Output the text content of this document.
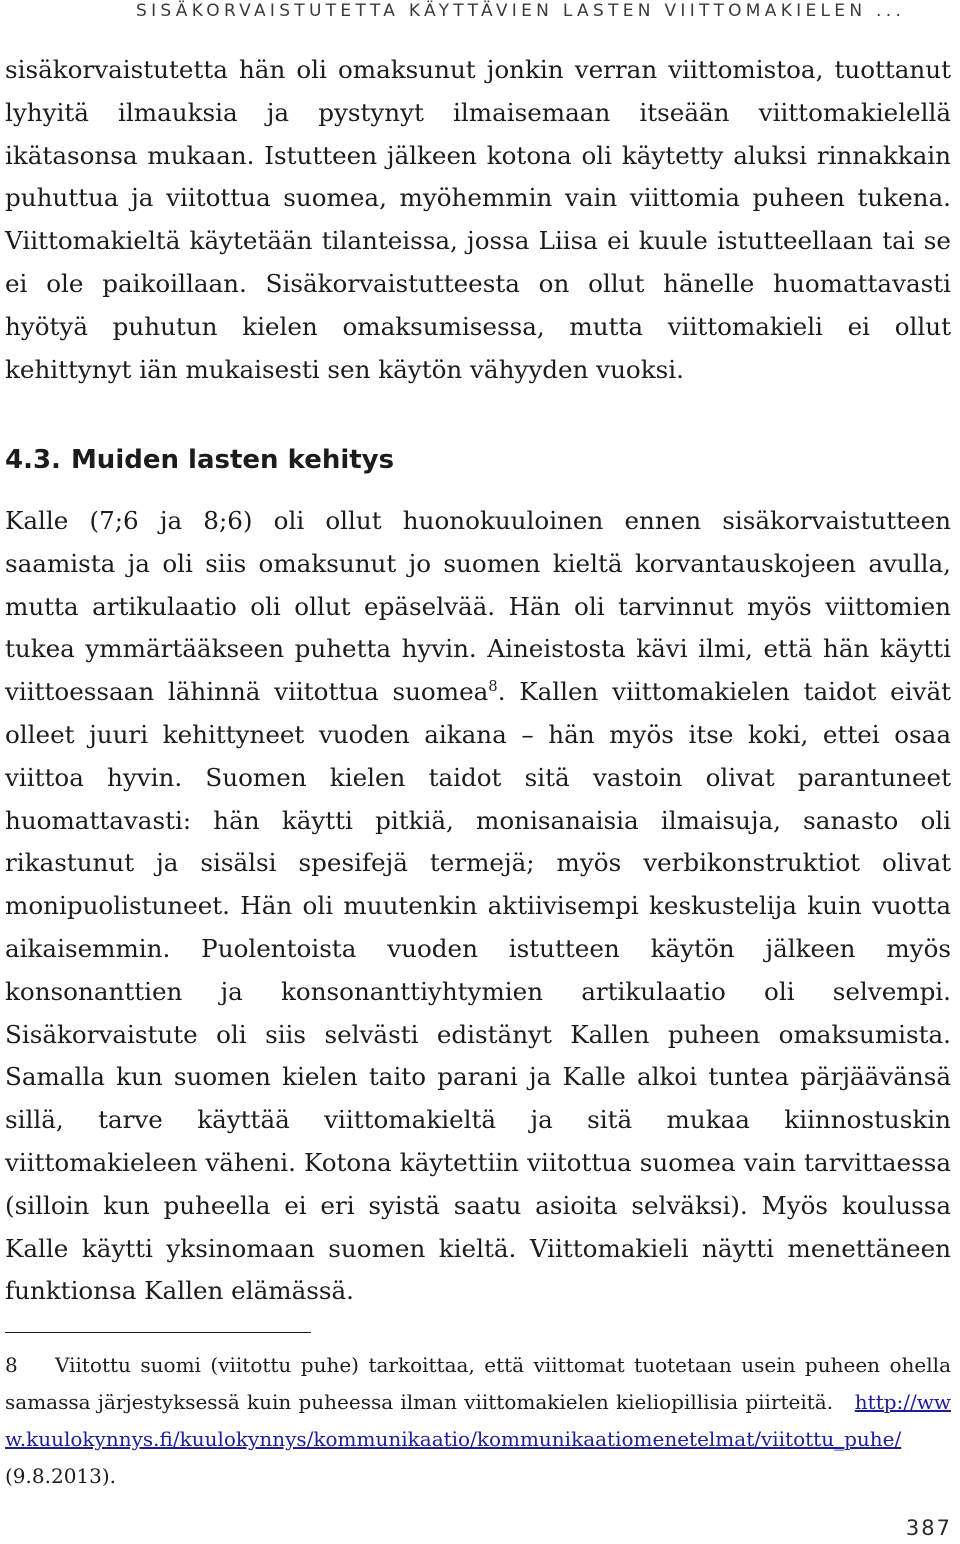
SISÄKORVAISTUTETTA KÄYTTÄVIEN LASTEN VIITTOMAKIELEN ...

sisäkorvaistutetta hän oli omaksunut jonkin verran viittomistoa, tuottanut lyhyitä ilmauksia ja pystynyt ilmaisemaan itseään viittomakielellä ikätasonsa mukaan. Istutteen jälkeen kotona oli käytetty aluksi rinnakkain puhuttua ja viitottua suomea, myöhemmin vain viittomia puheen tukena. Viittomakieltä käytetään tilanteissa, jossa Liisa ei kuule istutteellaan tai se ei ole paikoillaan. Sisäkorvaistutteesta on ollut hänelle huomattavasti hyötyä puhutun kielen omaksumisessa, mutta viittomakieli ei ollut kehittynyt iän mukaisesti sen käytön vähyyden vuoksi.

4.3. Muiden lasten kehitys

Kalle (7;6 ja 8;6) oli ollut huonokuuloinen ennen sisäkorvaistutteen saamista ja oli siis omaksunut jo suomen kieltä korvantauskojeen avulla, mutta artikulaatio oli ollut epäselvää. Hän oli tarvinnut myös viittomien tukea ymmärtääkseen puhetta hyvin. Aineistosta kävi ilmi, että hän käytti viittoessaan lähinnä viitottua suomea$^8$. Kallen viittomakielen taidot eivät olleet juuri kehittyneet vuoden aikana – hän myös itse koki, ettei osaa viittoa hyvin. Suomen kielen taidot sitä vastoin olivat parantuneet huomattavasti: hän käytti pitkiä, monisanaisia ilmaisuja, sanasto oli rikastunut ja sisälsi spesifejä termejä; myös verbikonstruktiot olivat monipuolistuneet. Hän oli muutenkin aktiivisempi keskustelija kuin vuotta aikaisemmin. Puolentoista vuoden istutteen käytön jälkeen myös konsonanttien ja konsonanttiyhtymien artikulaatio oli selvempi. Sisäkorvaistute oli siis selvästi edistänyt Kallen puheen omaksumista. Samalla kun suomen kielen taito parani ja Kalle alkoi tuntea pärjäävänsä sillä, tarve käyttää viittomakieltä ja sitä mukaa kiinnostuskin viittomakieleen väheni. Kotona käytettiin viitottua suomea vain tarvittaessa (silloin kun puheella ei eri syistä saatu asioita selväksi). Myös koulussa Kalle käytti yksinomaan suomen kieltä. Viittomakieli näytti menettäneen funktionsa Kallen elämässä.

8 Viitottu suomi (viitottu puhe) tarkoittaa, että viittomat tuotetaan usein puheen ohella samassa järjestyksessä kuin puheessa ilman viittomakielen kieliopillisia piirteitä. http://www.kuulokynnys.fi/kuulokynnys/kommunikaatio/kommunikaatiomenetelmat/viitottu_puhe/ (9.8.2013).

387
